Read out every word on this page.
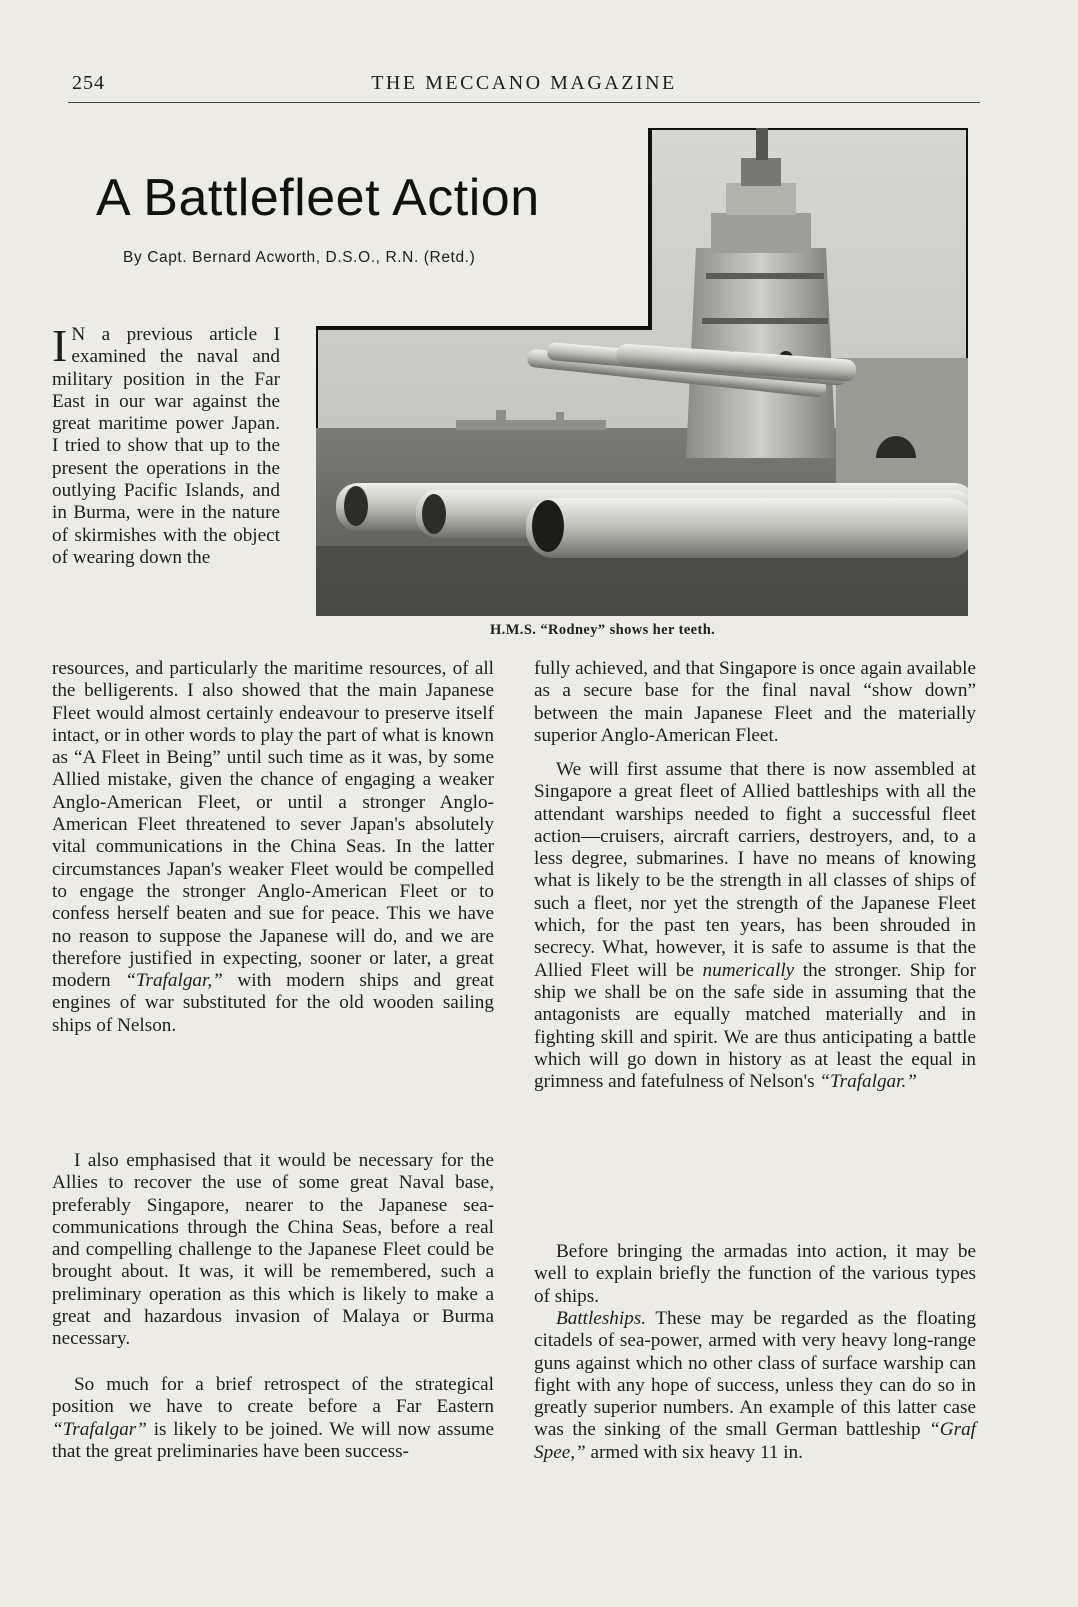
254	THE MECCANO MAGAZINE
A Battlefleet Action
By Capt. Bernard Acworth, D.S.O., R.N. (Retd.)
H.M.S. “Rodney” shows her teeth.

I N a previous article I examined the naval and military position in the Far East in our war against the great maritime power Japan. I tried to show that up to the present the operations in the outlying Pacific Islands, and in Burma, were in the nature of skirmishes with the object of wearing down the

resources, and particularly the maritime resources, of all the belligerents. I also showed that the main Japanese Fleet would almost certainly endeavour to preserve itself intact, or in other words to play the part of what is known as “A Fleet in Being” until such time as it was, by some Allied mistake, given the chance of engaging a weaker Anglo-American Fleet, or until a stronger Anglo-American Fleet threatened to sever Japan's absolutely vital communications in the China Seas. In the latter circumstances Japan's weaker Fleet would be compelled to engage the stronger Anglo-American Fleet or to confess herself beaten and sue for peace. This we have no reason to suppose the Japanese will do, and we are therefore justified in expecting, sooner or later, a great modern “Trafalgar,” with modern ships and great engines of war substituted for the old wooden sailing ships of Nelson.

I also emphasised that it would be necessary for the Allies to recover the use of some great Naval base, preferably Singapore, nearer to the Japanese sea-communications through the China Seas, before a real and compelling challenge to the Japanese Fleet could be brought about. It was, it will be remembered, such a preliminary operation as this which is likely to make a great and hazardous invasion of Malaya or Burma necessary.

So much for a brief retrospect of the strategical position we have to create before a Far Eastern “Trafalgar” is likely to be joined. We will now assume that the great preliminaries have been success-

fully achieved, and that Singapore is once again available as a secure base for the final naval “show down” between the main Japanese Fleet and the materially superior Anglo-American Fleet.

We will first assume that there is now assembled at Singapore a great fleet of Allied battleships with all the attendant warships needed to fight a successful fleet action—cruisers, aircraft carriers, destroyers, and, to a less degree, submarines. I have no means of knowing what is likely to be the strength in all classes of ships of such a fleet, nor yet the strength of the Japanese Fleet which, for the past ten years, has been shrouded in secrecy. What, however, it is safe to assume is that the Allied Fleet will be numerically the stronger. Ship for ship we shall be on the safe side in assuming that the antagonists are equally matched materially and in fighting skill and spirit. We are thus anticipating a battle which will go down in history as at least the equal in grimness and fatefulness of Nelson's “Trafalgar.”

Before bringing the armadas into action, it may be well to explain briefly the function of the various types of ships.

Battleships. These may be regarded as the floating citadels of sea-power, armed with very heavy long-range guns against which no other class of surface warship can fight with any hope of success, unless they can do so in greatly superior numbers. An example of this latter case was the sinking of the small German battleship “Graf Spee,” armed with six heavy 11 in.
